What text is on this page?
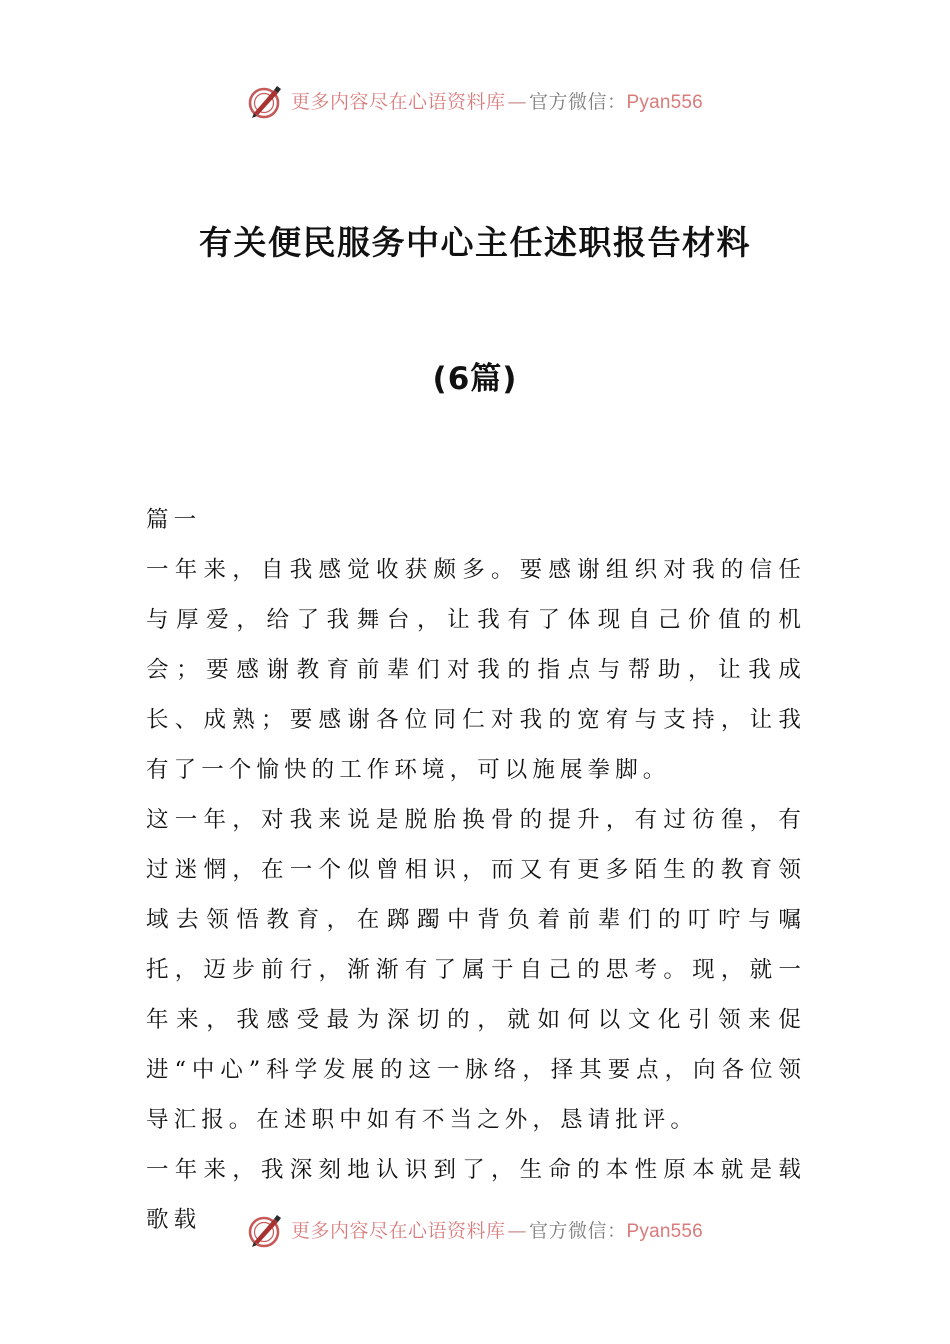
更多内容尽在心语资料库 — 官方微信：Pyan556
有关便民服务中心主任述职报告材料
(6篇)

篇一

一年来，自我感觉收获颇多。要感谢组织对我的信任与厚爱，给了我舞台，让我有了体现自己价值的机会；要感谢教育前辈们对我的指点与帮助，让我成长、成熟；要感谢各位同仁对我的宽宥与支持，让我有了一个愉快的工作环境，可以施展拳脚。

这一年，对我来说是脱胎换骨的提升，有过彷徨，有过迷惘，在一个似曾相识，而又有更多陌生的教育领域去领悟教育，在踯躅中背负着前辈们的叮咛与嘱托，迈步前行，渐渐有了属于自己的思考。现，就一年来，我感受最为深切的，就如何以文化引领来促进“中心”科学发展的这一脉络，择其要点，向各位领导汇报。在述职中如有不当之外，恳请批评。

一年来，我深刻地认识到了，生命的本性原本就是载歌载	更多内容尽在心语资料库 — 官方微信：Pyan556
